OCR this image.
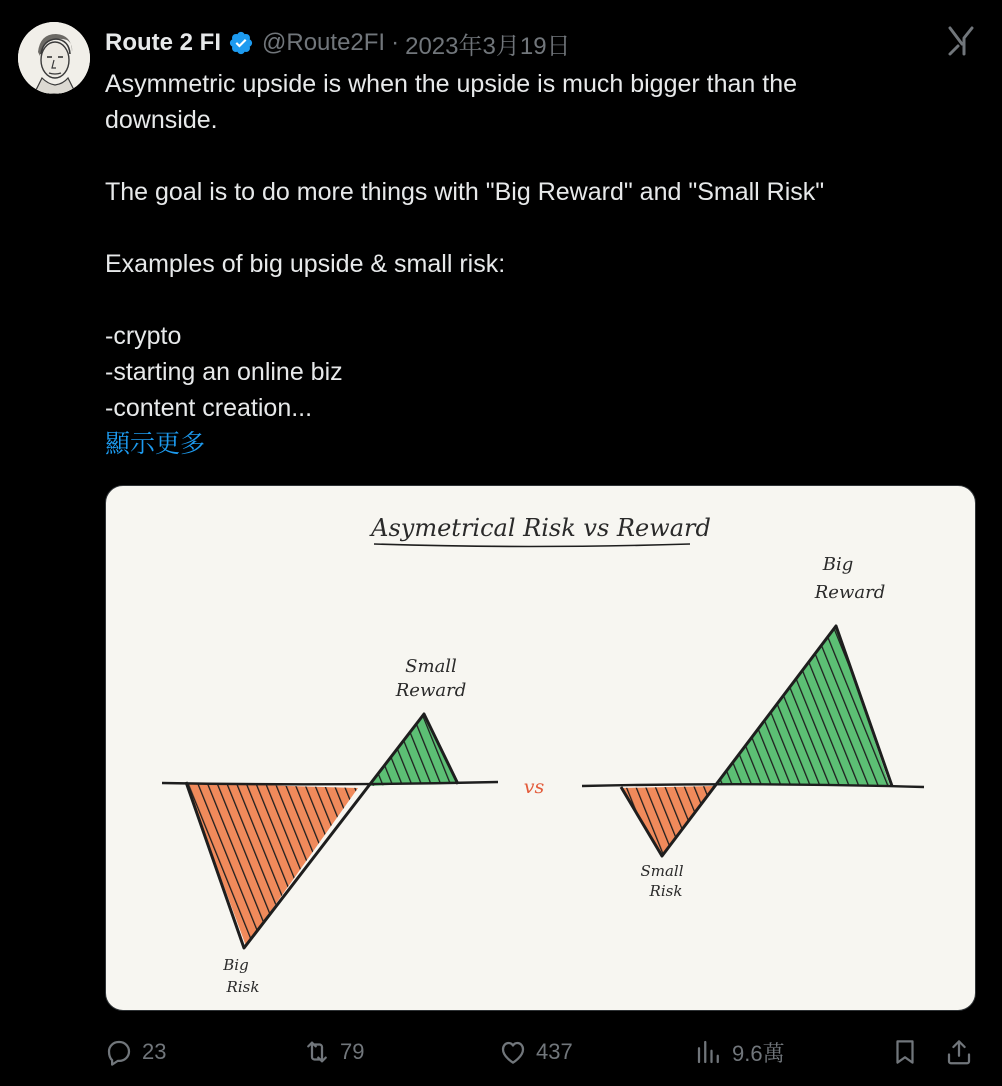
Route 2 FI @Route2FI · 2023年3月19日
Asymmetric upside is when the upside is much bigger than the
downside.
The goal is to do more things with "Big Reward" and "Small Risk"
Examples of big upside & small risk:
-crypto
-starting an online biz
-content creation...
顯示更多
Asymetrical Risk vs Reward
Small
Reward
Big
Risk
vs
Big
Reward
Small
Risk
23	79	437	9.6萬
